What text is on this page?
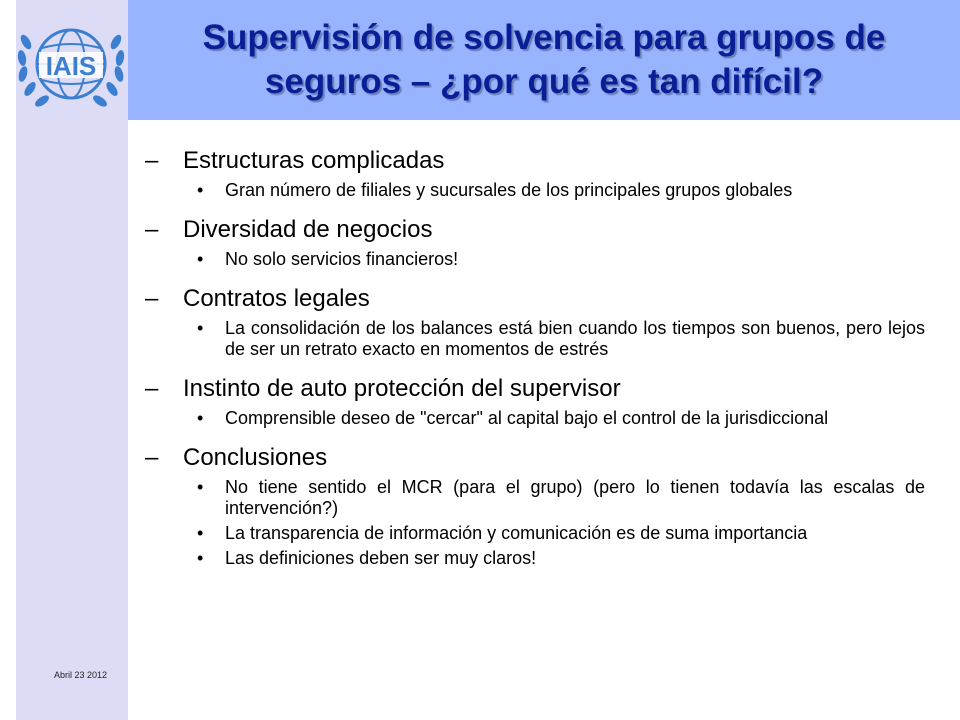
IAIS
Supervisión de solvencia para grupos de
seguros – ¿por qué es tan difícil?
– Estructuras complicadas
• Gran número de filiales y sucursales de los principales grupos globales
– Diversidad de negocios
• No solo servicios financieros!
– Contratos legales
• La consolidación de los balances está bien cuando los tiempos son buenos, pero lejos de ser un retrato exacto en momentos de estrés
– Instinto de auto protección del supervisor
• Comprensible deseo de "cercar" al capital bajo el control de la jurisdiccional
– Conclusiones
• No tiene sentido el MCR (para el grupo) (pero lo tienen todavía las escalas de intervención?)
• La transparencia de información y comunicación es de suma importancia
• Las definiciones deben ser muy claros!
Abril 23 2012
